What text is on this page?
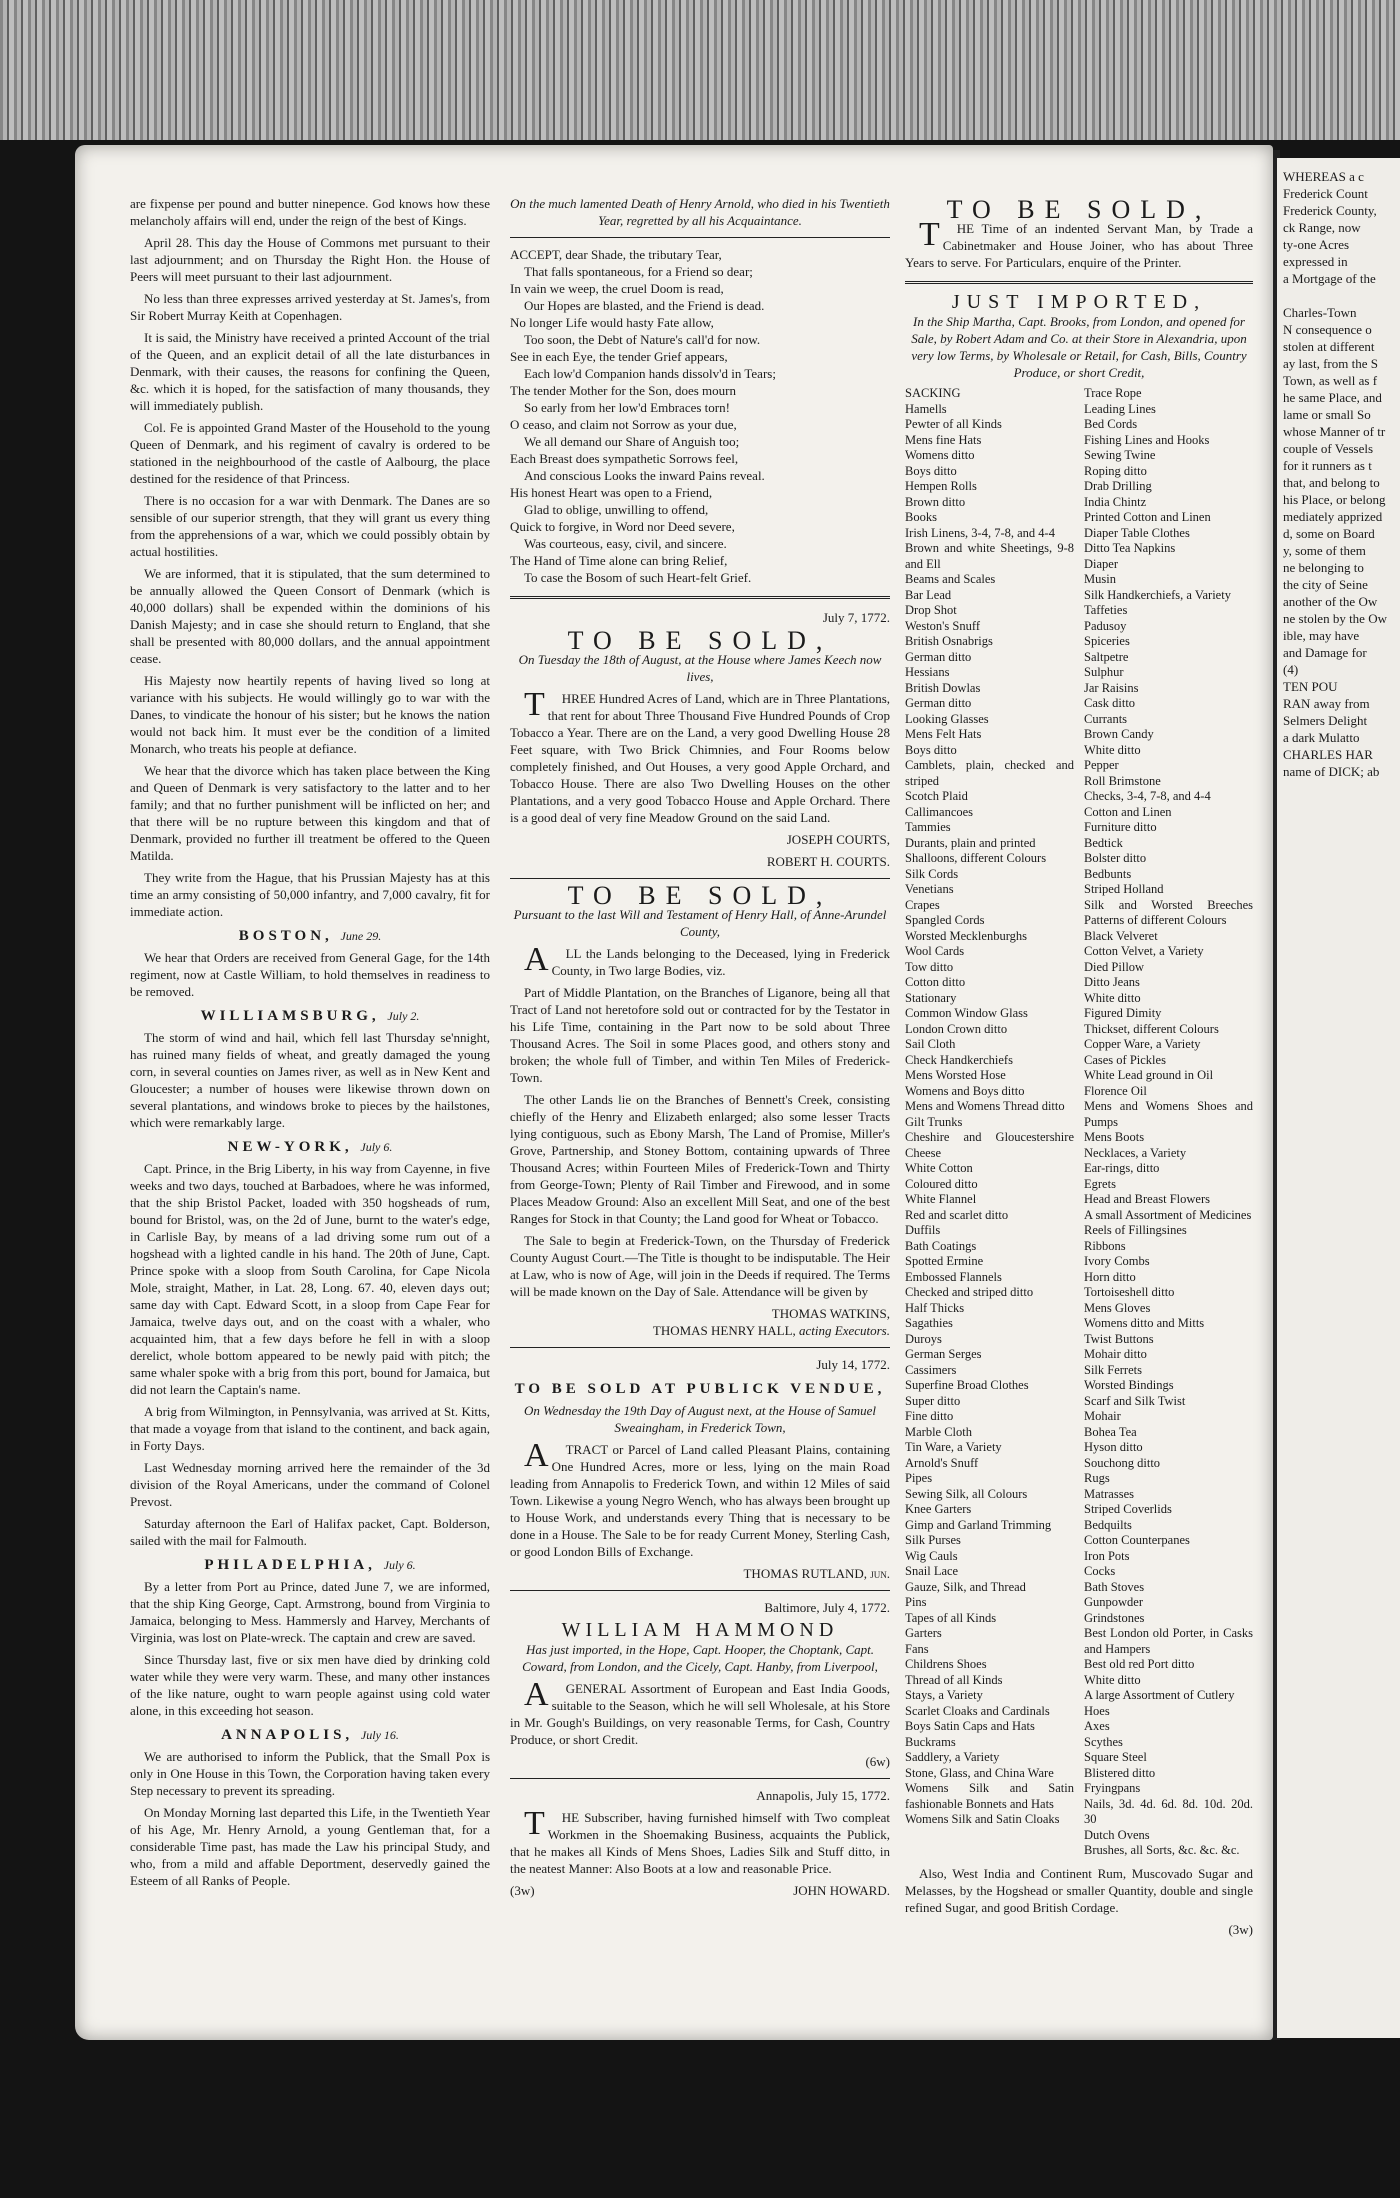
are fixpense per pound and butter ninepence. God knows how these melancholy affairs will end, under the reign of the best of Kings.

April 28. This day the House of Commons met pursuant to their last adjournment; and on Thursday the Right Hon. the House of Peers will meet pursuant to their last adjournment.

No less than three expresses arrived yesterday at St. James's, from Sir Robert Murray Keith at Copenhagen.

It is said, the Ministry have received a printed Account of the trial of the Queen, and an explicit detail of all the late disturbances in Denmark, with their causes, the reasons for confining the Queen, &c. which it is hoped, for the satisfaction of many thousands, they will immediately publish.

Col. Fe is appointed Grand Master of the Household to the young Queen of Denmark, and his regiment of cavalry is ordered to be stationed in the neighbourhood of the castle of Aalbourg, the place destined for the residence of that Princess.

There is no occasion for a war with Denmark. The Danes are so sensible of our superior strength, that they will grant us every thing from the apprehensions of a war, which we could possibly obtain by actual hostilities.

We are informed, that it is stipulated, that the sum determined to be annually allowed the Queen Consort of Denmark (which is 40,000 dollars) shall be expended within the dominions of his Danish Majesty; and in case she should return to England, that she shall be presented with 80,000 dollars, and the annual appointment cease.

His Majesty now heartily repents of having lived so long at variance with his subjects. He would willingly go to war with the Danes, to vindicate the honour of his sister; but he knows the nation would not back him. It must ever be the condition of a limited Monarch, who treats his people at defiance.

We hear that the divorce which has taken place between the King and Queen of Denmark is very satisfactory to the latter and to her family; and that no further punishment will be inflicted on her; and that there will be no rupture between this kingdom and that of Denmark, provided no further ill treatment be offered to the Queen Matilda.

They write from the Hague, that his Prussian Majesty has at this time an army consisting of 50,000 infantry, and 7,000 cavalry, fit for immediate action.

BOSTON, June 29.

We hear that Orders are received from General Gage, for the 14th regiment, now at Castle William, to hold themselves in readiness to be removed.

WILLIAMSBURG, July 2.

The storm of wind and hail, which fell last Thursday se'nnight, has ruined many fields of wheat, and greatly damaged the young corn, in several counties on James river, as well as in New Kent and Gloucester; a number of houses were likewise thrown down on several plantations, and windows broke to pieces by the hailstones, which were remarkably large.

NEW-YORK, July 6.

Capt. Prince, in the Brig Liberty, in his way from Cayenne, in five weeks and two days, touched at Barbadoes, where he was informed, that the ship Bristol Packet, loaded with 350 hogsheads of rum, bound for Bristol, was, on the 2d of June, burnt to the water's edge, in Carlisle Bay, by means of a lad driving some rum out of a hogshead with a lighted candle in his hand. The 20th of June, Capt. Prince spoke with a sloop from South Carolina, for Cape Nicola Mole, straight, Mather, in Lat. 28, Long. 67. 40, eleven days out; same day with Capt. Edward Scott, in a sloop from Cape Fear for Jamaica, twelve days out, and on the coast with a whaler, who acquainted him, that a few days before he fell in with a sloop derelict, whole bottom appeared to be newly paid with pitch; the same whaler spoke with a brig from this port, bound for Jamaica, but did not learn the Captain's name.

A brig from Wilmington, in Pennsylvania, was arrived at St. Kitts, that made a voyage from that island to the continent, and back again, in Forty Days.

Last Wednesday morning arrived here the remainder of the 3d division of the Royal Americans, under the command of Colonel Prevost.

Saturday afternoon the Earl of Halifax packet, Capt. Bolderson, sailed with the mail for Falmouth.

PHILADELPHIA, July 6.

By a letter from Port au Prince, dated June 7, we are informed, that the ship King George, Capt. Armstrong, bound from Virginia to Jamaica, belonging to Mess. Hammersly and Harvey, Merchants of Virginia, was lost on Plate-wreck. The captain and crew are saved.

Since Thursday last, five or six men have died by drinking cold water while they were very warm. These, and many other instances of the like nature, ought to warn people against using cold water alone, in this exceeding hot season.

ANNAPOLIS, July 16.

We are authorised to inform the Publick, that the Small Pox is only in One House in this Town, the Corporation having taken every Step necessary to prevent its spreading.

On Monday Morning last departed this Life, in the Twentieth Year of his Age, Mr. Henry Arnold, a young Gentleman that, for a considerable Time past, has made the Law his principal Study, and who, from a mild and affable Deportment, deservedly gained the Esteem of all Ranks of People.

On the much lamented Death of Henry Arnold, who died in his Twentieth Year, regretted by all his Acquaintance.

ACCEPT, dear Shade, the tributary Tear,

That falls spontaneous, for a Friend so dear;

In vain we weep, the cruel Doom is read,

Our Hopes are blasted, and the Friend is dead.

No longer Life would hasty Fate allow,

Too soon, the Debt of Nature's call'd for now.

See in each Eye, the tender Grief appears,

Each low'd Companion hands dissolv'd in Tears;

The tender Mother for the Son, does mourn

So early from her low'd Embraces torn!

O ceaso, and claim not Sorrow as your due,

We all demand our Share of Anguish too;

Each Breast does sympathetic Sorrows feel,

And conscious Looks the inward Pains reveal.

His honest Heart was open to a Friend,

Glad to oblige, unwilling to offend,

Quick to forgive, in Word nor Deed severe,

Was courteous, easy, civil, and sincere.

The Hand of Time alone can bring Relief,

To case the Bosom of such Heart-felt Grief.

July 7, 1772.

TO BE SOLD,

On Tuesday the 18th of August, at the House where James Keech now lives,

THREE Hundred Acres of Land, which are in Three Plantations, that rent for about Three Thousand Five Hundred Pounds of Crop Tobacco a Year. There are on the Land, a very good Dwelling House 28 Feet square, with Two Brick Chimnies, and Four Rooms below completely finished, and Out Houses, a very good Apple Orchard, and Tobacco House. There are also Two Dwelling Houses on the other Plantations, and a very good Tobacco House and Apple Orchard. There is a good deal of very fine Meadow Ground on the said Land.

JOSEPH COURTS,

ROBERT H. COURTS.

TO BE SOLD,

Pursuant to the last Will and Testament of Henry Hall, of Anne-Arundel County,

ALL the Lands belonging to the Deceased, lying in Frederick County, in Two large Bodies, viz.

Part of Middle Plantation, on the Branches of Liganore, being all that Tract of Land not heretofore sold out or contracted for by the Testator in his Life Time, containing in the Part now to be sold about Three Thousand Acres. The Soil in some Places good, and others stony and broken; the whole full of Timber, and within Ten Miles of Frederick-Town.

The other Lands lie on the Branches of Bennett's Creek, consisting chiefly of the Henry and Elizabeth enlarged; also some lesser Tracts lying contiguous, such as Ebony Marsh, The Land of Promise, Miller's Grove, Partnership, and Stoney Bottom, containing upwards of Three Thousand Acres; within Fourteen Miles of Frederick-Town and Thirty from George-Town; Plenty of Rail Timber and Firewood, and in some Places Meadow Ground: Also an excellent Mill Seat, and one of the best Ranges for Stock in that County; the Land good for Wheat or Tobacco.

The Sale to begin at Frederick-Town, on the Thursday of Frederick County August Court.—The Title is thought to be indisputable. The Heir at Law, who is now of Age, will join in the Deeds if required. The Terms will be made known on the Day of Sale. Attendance will be given by

THOMAS WATKINS,
THOMAS HENRY HALL, acting Executors.

July 14, 1772.

TO BE SOLD AT PUBLICK VENDUE,

On Wednesday the 19th Day of August next, at the House of Samuel Sweaingham, in Frederick Town,

ATRACT or Parcel of Land called Pleasant Plains, containing One Hundred Acres, more or less, lying on the main Road leading from Annapolis to Frederick Town, and within 12 Miles of said Town. Likewise a young Negro Wench, who has always been brought up to House Work, and understands every Thing that is necessary to be done in a House. The Sale to be for ready Current Money, Sterling Cash, or good London Bills of Exchange.

THOMAS RUTLAND, jun.

Baltimore, July 4, 1772.

WILLIAM HAMMOND

Has just imported, in the Hope, Capt. Hooper, the Choptank, Capt. Coward, from London, and the Cicely, Capt. Hanby, from Liverpool,

AGENERAL Assortment of European and East India Goods, suitable to the Season, which he will sell Wholesale, at his Store in Mr. Gough's Buildings, on very reasonable Terms, for Cash, Country Produce, or short Credit.

(6w)

Annapolis, July 15, 1772.

THE Subscriber, having furnished himself with Two compleat Workmen in the Shoemaking Business, acquaints the Publick, that he makes all Kinds of Mens Shoes, Ladies Silk and Stuff ditto, in the neatest Manner: Also Boots at a low and reasonable Price.

(3w)	JOHN HOWARD.

TO BE SOLD,

THE Time of an indented Servant Man, by Trade a Cabinetmaker and House Joiner, who has about Three Years to serve. For Particulars, enquire of the Printer.

JUST IMPORTED,

In the Ship Martha, Capt. Brooks, from London, and opened for Sale, by Robert Adam and Co. at their Store in Alexandria, upon very low Terms, by Wholesale or Retail, for Cash, Bills, Country Produce, or short Credit,

SACKING
Hamells
Pewter of all Kinds
Mens fine Hats
Womens ditto
Boys ditto
Hempen Rolls
Brown ditto
Books
Irish Linens, 3-4, 7-8, and 4-4
Brown and white Sheetings, 9-8 and Ell
Beams and Scales
Bar Lead
Drop Shot
Weston's Snuff
British Osnabrigs
German ditto
Hessians
British Dowlas
German ditto
Looking Glasses
Mens Felt Hats
Boys ditto
Camblets, plain, checked and striped
Scotch Plaid
Callimancoes
Tammies
Durants, plain and printed
Shalloons, different Colours
Silk Cords
Venetians
Crapes
Spangled Cords
Worsted Mecklenburghs
Wool Cards
Tow ditto
Cotton ditto
Stationary
Common Window Glass
London Crown ditto
Sail Cloth
Check Handkerchiefs
Mens Worsted Hose
Womens and Boys ditto
Mens and Womens Thread ditto
Gilt Trunks
Cheshire and Gloucestershire Cheese
White Cotton
Coloured ditto
White Flannel
Red and scarlet ditto
Duffils
Bath Coatings
Spotted Ermine
Embossed Flannels
Checked and striped ditto
Half Thicks
Sagathies
Duroys
German Serges
Cassimers
Superfine Broad Clothes
Super ditto
Fine ditto
Marble Cloth
Tin Ware, a Variety
Arnold's Snuff
Pipes
Sewing Silk, all Colours
Knee Garters
Gimp and Garland Trimming
Silk Purses
Wig Cauls
Snail Lace
Gauze, Silk, and Thread
Pins
Tapes of all Kinds
Garters
Fans
Childrens Shoes
Thread of all Kinds
Stays, a Variety
Scarlet Cloaks and Cardinals
Boys Satin Caps and Hats
Buckrams
Saddlery, a Variety
Stone, Glass, and China Ware
Womens Silk and Satin fashionable Bonnets and Hats
Womens Silk and Satin Cloaks
Trace Rope
Leading Lines
Bed Cords
Fishing Lines and Hooks
Sewing Twine
Roping ditto
Drab Drilling
India Chintz
Printed Cotton and Linen
Diaper Table Clothes
Ditto Tea Napkins
Diaper
Musin
Silk Handkerchiefs, a Variety
Taffeties
Padusoy
Spiceries
Saltpetre
Sulphur
Jar Raisins
Cask ditto
Currants
Brown Candy
White ditto
Pepper
Roll Brimstone
Checks, 3-4, 7-8, and 4-4
Cotton and Linen
Furniture ditto
Bedtick
Bolster ditto
Bedbunts
Striped Holland
Silk and Worsted Breeches Patterns of different Colours
Black Velveret
Cotton Velvet, a Variety
Died Pillow
Ditto Jeans
White ditto
Figured Dimity
Thickset, different Colours
Copper Ware, a Variety
Cases of Pickles
White Lead ground in Oil
Florence Oil
Mens and Womens Shoes and Pumps
Mens Boots
Necklaces, a Variety
Ear-rings, ditto
Egrets
Head and Breast Flowers
A small Assortment of Medicines
Reels of Fillingsines
Ribbons
Ivory Combs
Horn ditto
Tortoiseshell ditto
Mens Gloves
Womens ditto and Mitts
Twist Buttons
Mohair ditto
Silk Ferrets
Worsted Bindings
Scarf and Silk Twist
Mohair
Bohea Tea
Hyson ditto
Souchong ditto
Rugs
Matrasses
Striped Coverlids
Bedquilts
Cotton Counterpanes
Iron Pots
Cocks
Bath Stoves
Gunpowder
Grindstones
Best London old Porter, in Casks and Hampers
Best old red Port ditto
White ditto
A large Assortment of Cutlery
Hoes
Axes
Scythes
Square Steel
Blistered ditto
Fryingpans
Nails, 3d. 4d. 6d. 8d. 10d. 20d. 30
Dutch Ovens
Brushes, all Sorts, &c. &c. &c.

Also, West India and Continent Rum, Muscovado Sugar and Melasses, by the Hogshead or smaller Quantity, double and single refined Sugar, and good British Cordage.

(3w)

WHEREAS a c
Frederick Count
Frederick County,
ck Range, now
ty-one Acres
expressed in
a Mortgage of the
Charles-Town
N consequence o
stolen at different
ay last, from the S
Town, as well as f
he same Place, and
lame or small So
whose Manner of tr
couple of Vessels
for it runners as t
that, and belong to
his Place, or belong
mediately apprized
d, some on Board
y, some of them
ne belonging to
the city of Seine
another of the Ow
ne stolen by the Ow
ible, may have
and Damage for
(4)
TEN POU
RAN away from
Selmers Delight
a dark Mulatto
CHARLES HAR
name of DICK; ab
